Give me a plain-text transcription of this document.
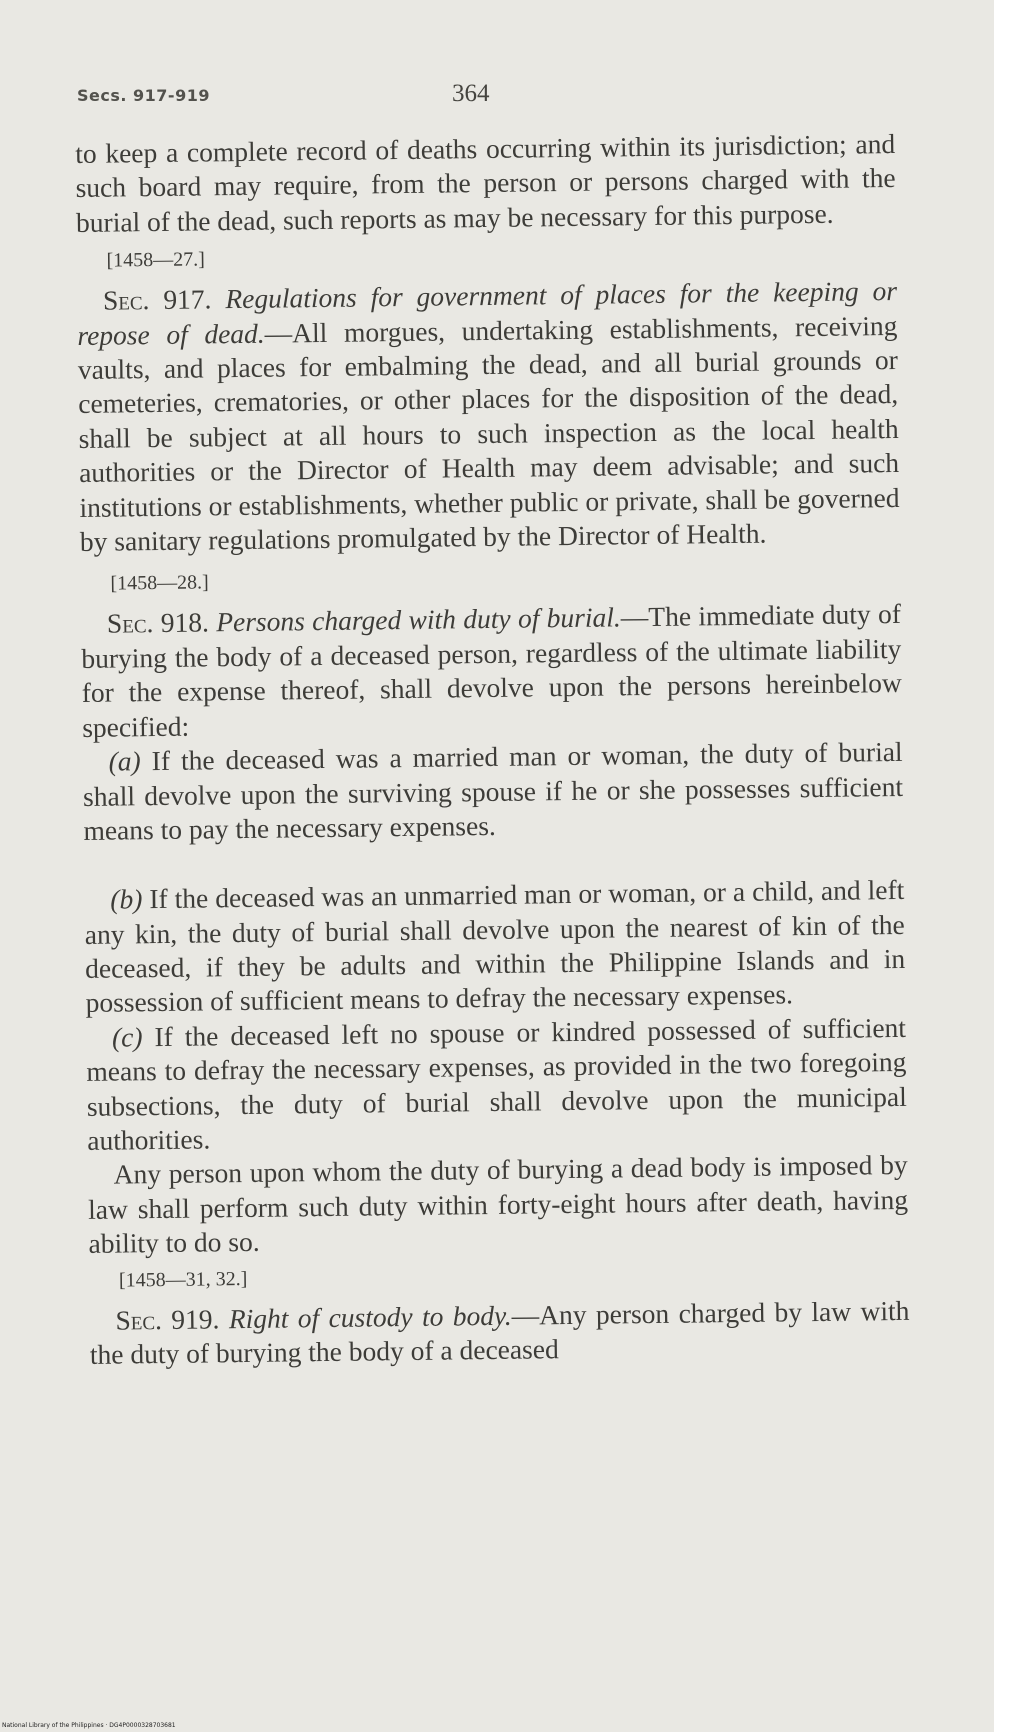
Secs. 917-919	364

to keep a complete record of deaths occurring within its jurisdiction; and such board may require, from the person or persons charged with the burial of the dead, such reports as may be necessary for this purpose.

[1458—27.]

Sec. 917. Regulations for government of places for the keeping or repose of dead.—All morgues, undertaking establishments, receiving vaults, and places for embalming the dead, and all burial grounds or cemeteries, crematories, or other places for the disposition of the dead, shall be subject at all hours to such inspection as the local health authorities or the Director of Health may deem advisable; and such institutions or establishments, whether public or private, shall be governed by sanitary regulations promulgated by the Director of Health.

[1458—28.]

Sec. 918. Persons charged with duty of burial.—The immediate duty of burying the body of a deceased person, regardless of the ultimate liability for the expense thereof, shall devolve upon the persons hereinbelow specified:

(a) If the deceased was a married man or woman, the duty of burial shall devolve upon the surviving spouse if he or she possesses sufficient means to pay the necessary expenses.

(b) If the deceased was an unmarried man or woman, or a child, and left any kin, the duty of burial shall devolve upon the nearest of kin of the deceased, if they be adults and within the Philippine Islands and in possession of sufficient means to defray the necessary expenses.

(c) If the deceased left no spouse or kindred possessed of sufficient means to defray the necessary expenses, as provided in the two foregoing subsections, the duty of burial shall devolve upon the municipal authorities.

Any person upon whom the duty of burying a dead body is imposed by law shall perform such duty within forty-eight hours after death, having ability to do so.

[1458—31, 32.]

Sec. 919. Right of custody to body.—Any person charged by law with the duty of burying the body of a deceased

National Library of the Philippines · DG4P0000328703681
